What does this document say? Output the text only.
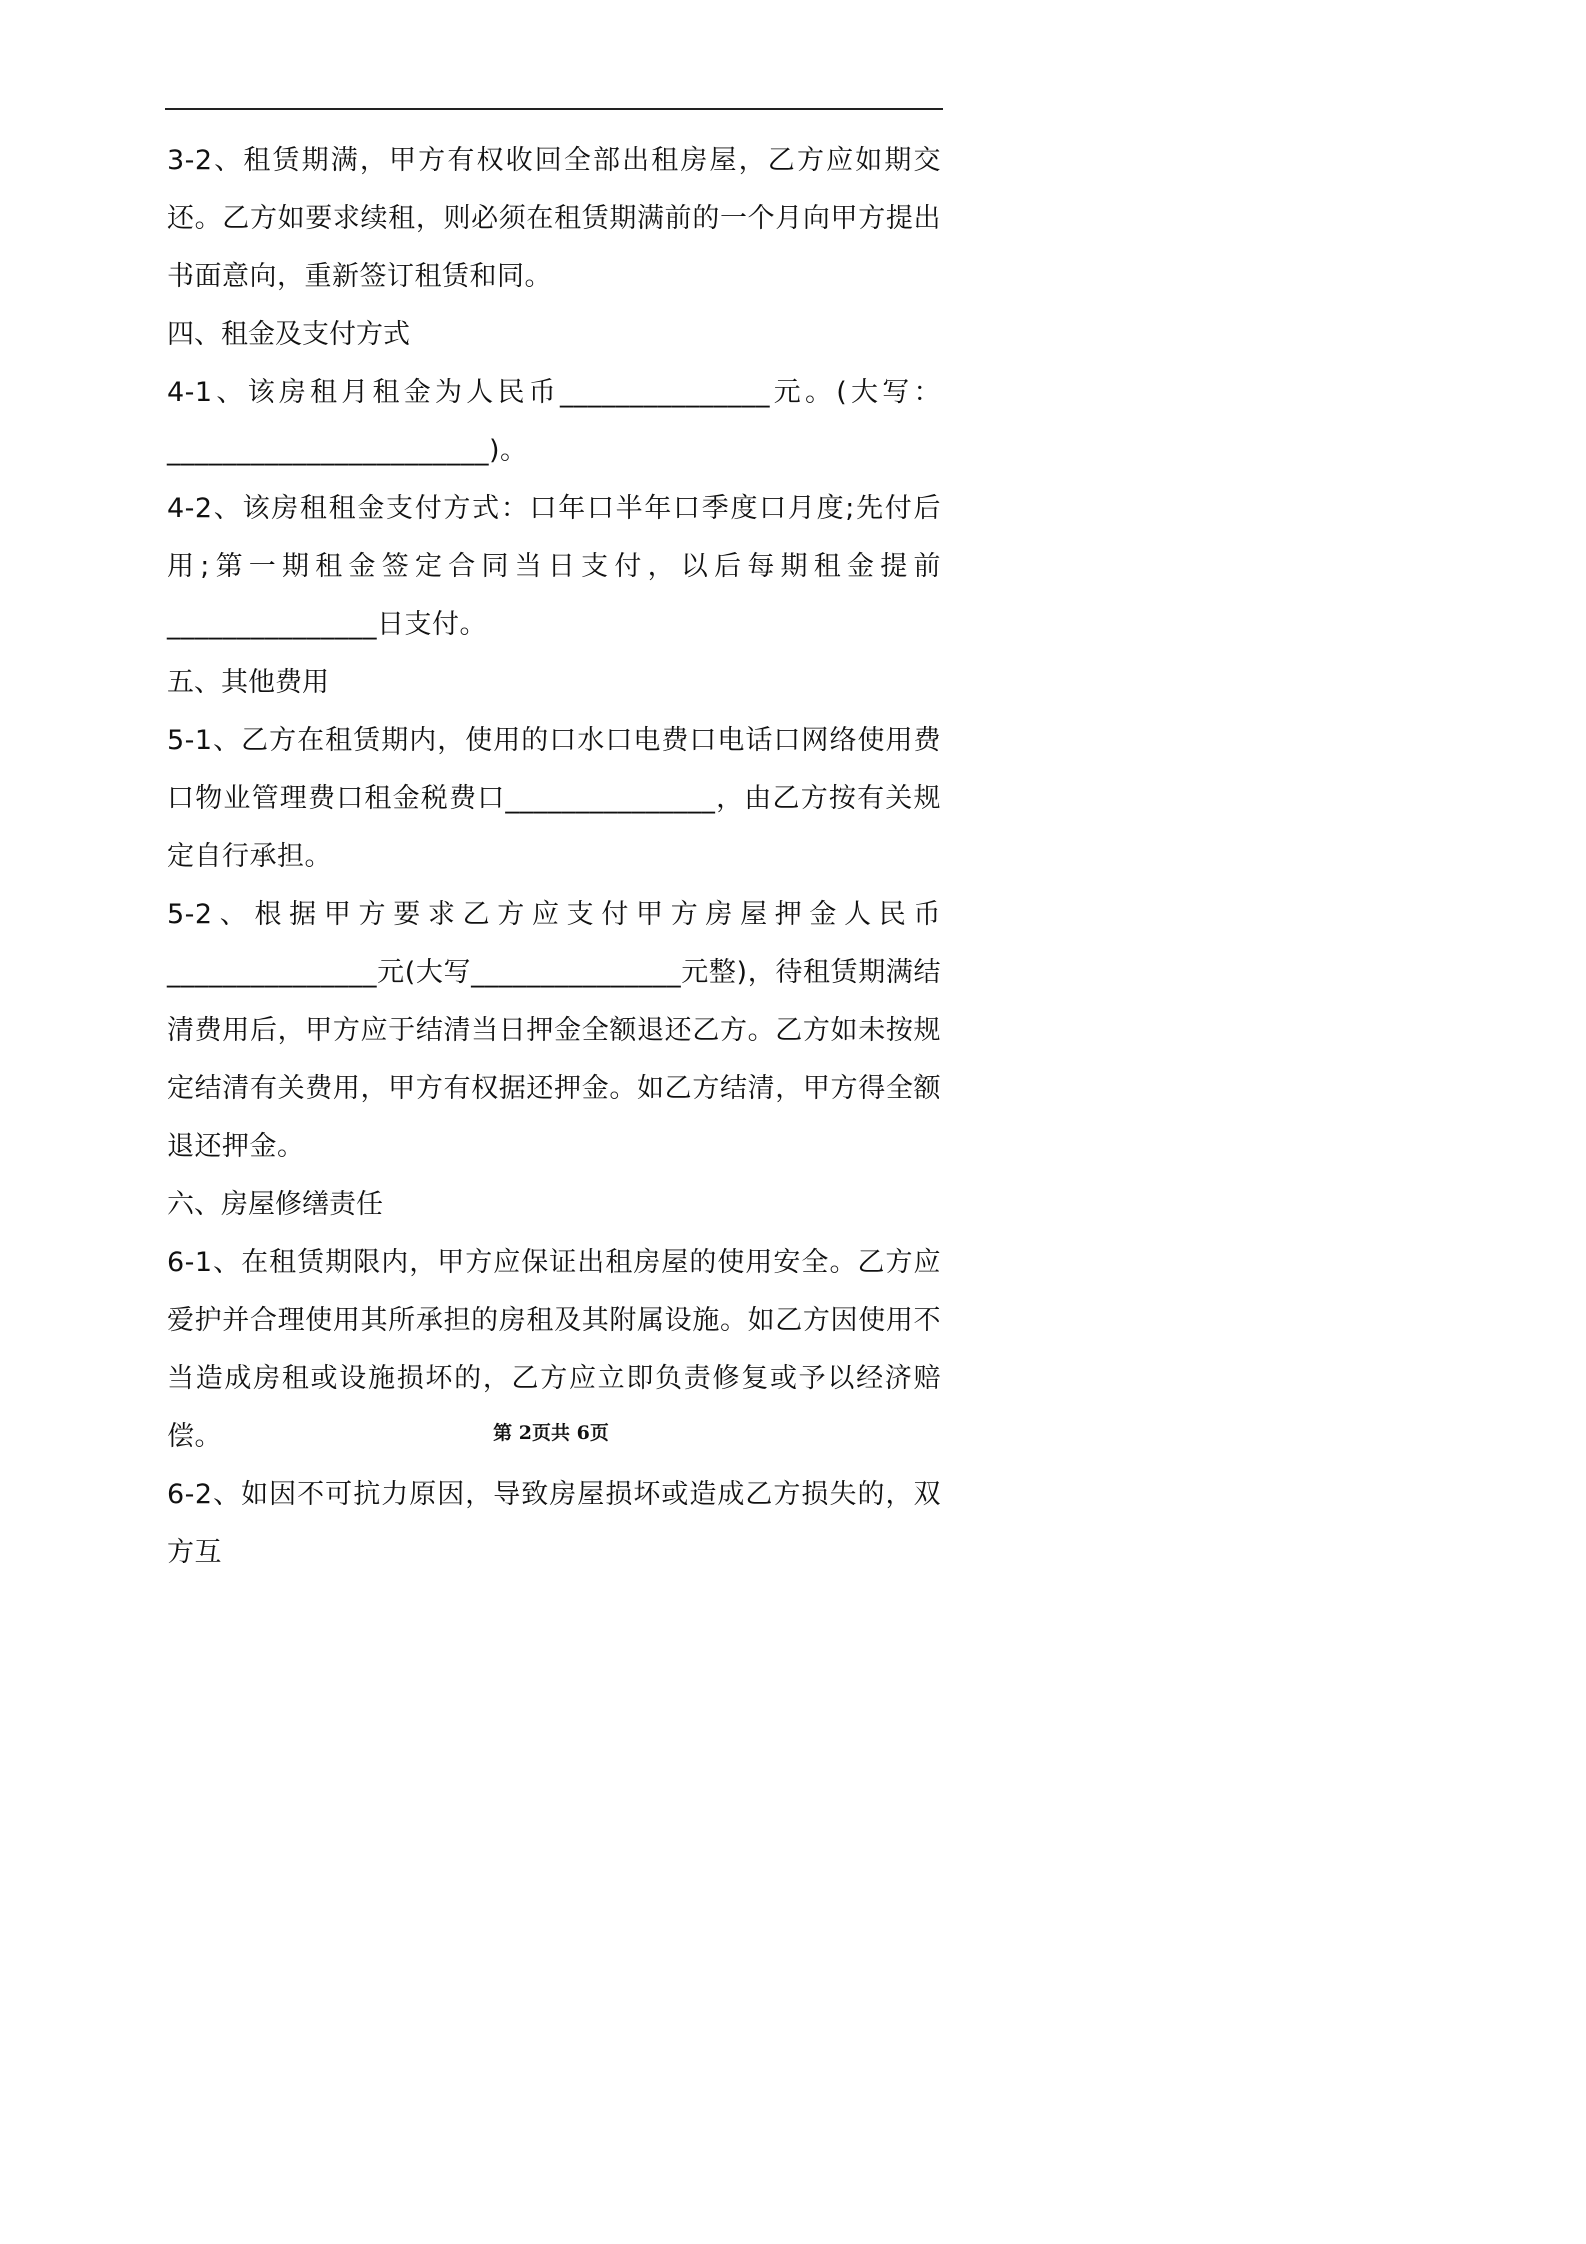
3-2、租赁期满，甲方有权收回全部出租房屋，乙方应如期交还。乙方如要求续租，则必须在租赁期满前的一个月向甲方提出书面意向，重新签订租赁和同。

四、租金及支付方式

4-1、该房租月租金为人民币_______________元。(大写：

_______________________)。

4-2、该房租租金支付方式：口年口半年口季度口月度;先付后用;第一期租金签定合同当日支付，以后每期租金提前_______________日支付。

五、其他费用

5-1、乙方在租赁期内，使用的口水口电费口电话口网络使用费口物业管理费口租金税费口_______________，由乙方按有关规定自行承担。

5-2、根据甲方要求乙方应支付甲方房屋押金人民币

_______________元(大写_______________元整)，待租赁期满结清费用后，甲方应于结清当日押金全额退还乙方。乙方如未按规定结清有关费用，甲方有权据还押金。如乙方结清，甲方得全额退还押金。

六、房屋修缮责任

6-1、在租赁期限内，甲方应保证出租房屋的使用安全。乙方应爱护并合理使用其所承担的房租及其附属设施。如乙方因使用不当造成房租或设施损坏的，乙方应立即负责修复或予以经济赔偿。

6-2、如因不可抗力原因，导致房屋损坏或造成乙方损失的，双方互

第 2页共 6页
